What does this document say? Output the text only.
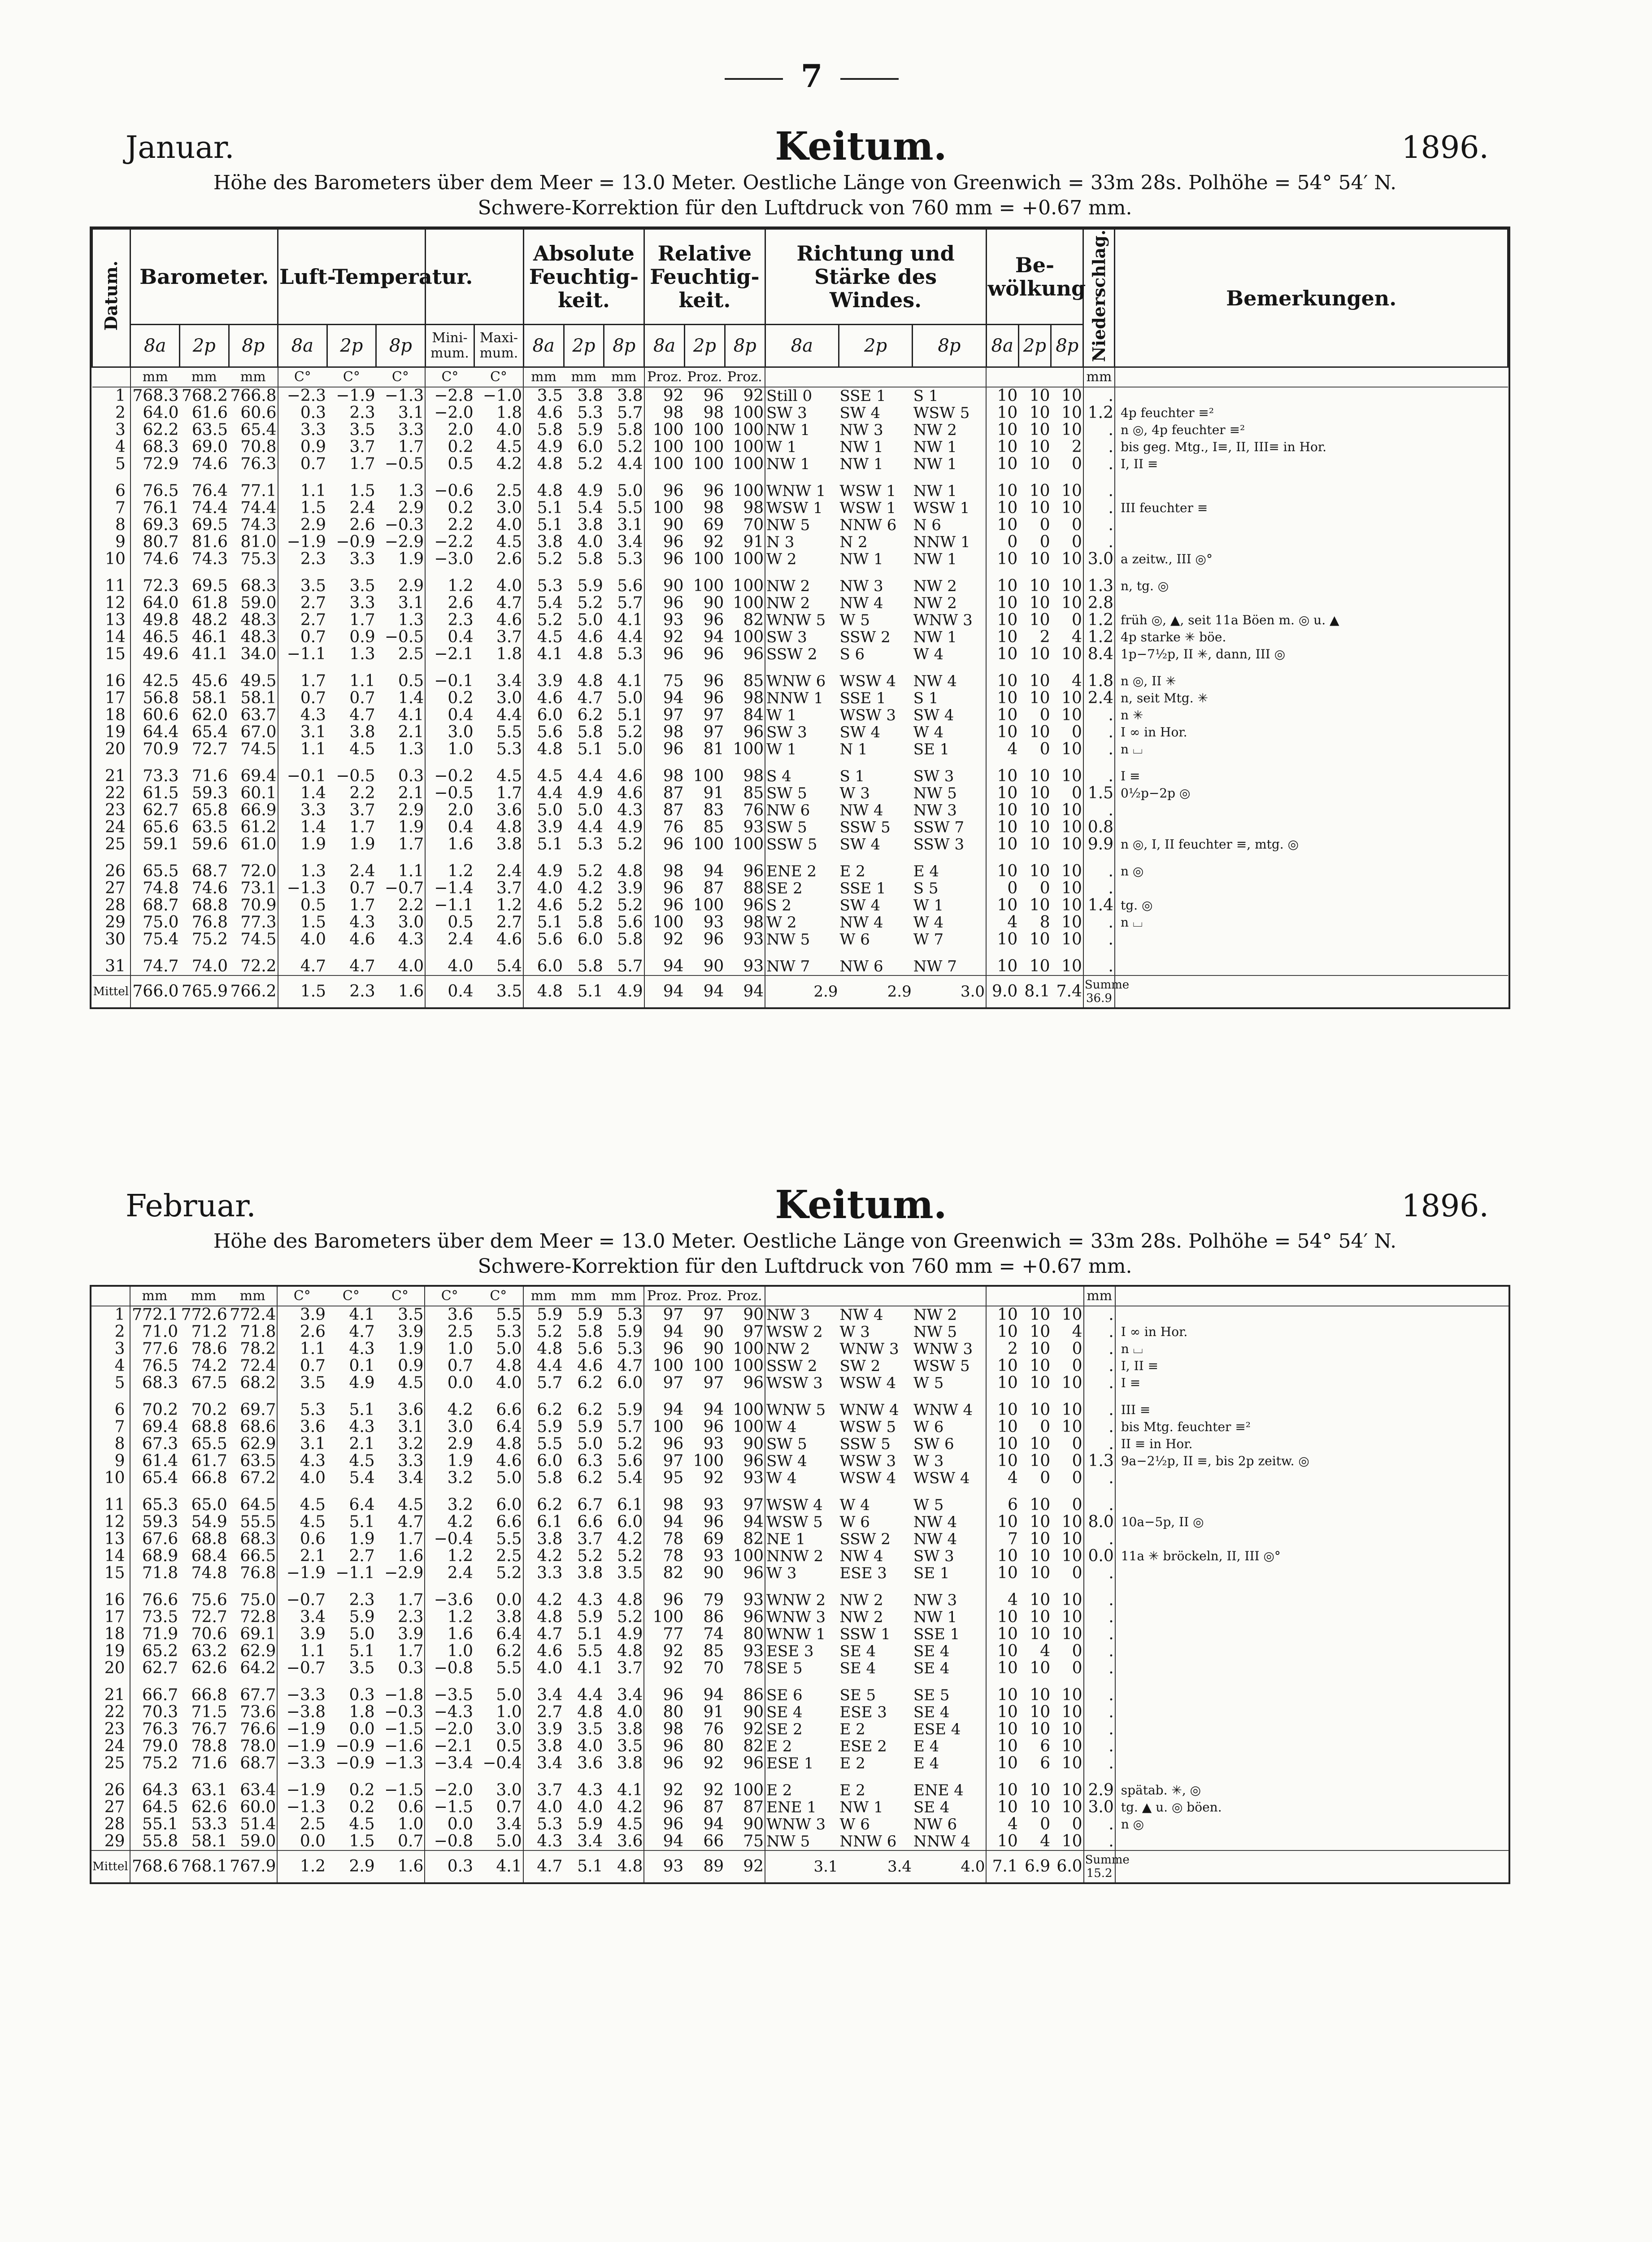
7
Januar.	Keitum.	1896.
Höhe des Barometers über dem Meer = 13.0 Meter. Oestliche Länge von Greenwich = 33m 28s. Polhöhe = 54° 54′ N.
Schwere-Korrektion für den Luftdruck von 760 mm = +0.67 mm.
Datum.	Barometer.			Luft-Temperatur.					Absolute Feuchtig- keit.			Relative Feuchtig- keit.			Richtung und Stärke des Windes.			Be- wölkung			Niederschlag.	Bemerkungen.
	8a	2p	8p	8a	2p	8p	Mini- mum.	Maxi- mum.	8a	2p	8p	8a	2p	8p	8a	2p	8p	8a	2p	8p		
	mm	mm	mm	C°	C°	C°	C°	C°	mm	mm	mm	Proz.	Proz.	Proz.							mm	
1	768.3	768.2	766.8	−2.3	−1.9	−1.3	−2.8	−1.0	3.5	3.8	3.8	92	96	92	Still 0	SSE 1	S 1	10	10	10	.	
2	64.0	61.6	60.6	0.3	2.3	3.1	−2.0	1.8	4.6	5.3	5.7	98	98	100	SW 3	SW 4	WSW 5	10	10	10	1.2	4p feuchter ≡²
3	62.2	63.5	65.4	3.3	3.5	3.3	2.0	4.0	5.8	5.9	5.8	100	100	100	NW 1	NW 3	NW 2	10	10	10	.	n ◎, 4p feuchter ≡²
4	68.3	69.0	70.8	0.9	3.7	1.7	0.2	4.5	4.9	6.0	5.2	100	100	100	W 1	NW 1	NW 1	10	10	2	.	bis geg. Mtg., I≡, II, III≡ in Hor.
5	72.9	74.6	76.3	0.7	1.7	−0.5	0.5	4.2	4.8	5.2	4.4	100	100	100	NW 1	NW 1	NW 1	10	10	0	.	I, II ≡
6	76.5	76.4	77.1	1.1	1.5	1.3	−0.6	2.5	4.8	4.9	5.0	96	96	100	WNW 1	WSW 1	NW 1	10	10	10	.	
7	76.1	74.4	74.4	1.5	2.4	2.9	0.2	3.0	5.1	5.4	5.5	100	98	98	WSW 1	WSW 1	WSW 1	10	10	10	.	III feuchter ≡
8	69.3	69.5	74.3	2.9	2.6	−0.3	2.2	4.0	5.1	3.8	3.1	90	69	70	NW 5	NNW 6	N 6	10	0	0	.	
9	80.7	81.6	81.0	−1.9	−0.9	−2.9	−2.2	4.5	3.8	4.0	3.4	96	92	91	N 3	N 2	NNW 1	0	0	0	.	
10	74.6	74.3	75.3	2.3	3.3	1.9	−3.0	2.6	5.2	5.8	5.3	96	100	100	W 2	NW 1	NW 1	10	10	10	3.0	a zeitw., III ◎°
11	72.3	69.5	68.3	3.5	3.5	2.9	1.2	4.0	5.3	5.9	5.6	90	100	100	NW 2	NW 3	NW 2	10	10	10	1.3	n, tg. ◎
12	64.0	61.8	59.0	2.7	3.3	3.1	2.6	4.7	5.4	5.2	5.7	96	90	100	NW 2	NW 4	NW 2	10	10	10	2.8	
13	49.8	48.2	48.3	2.7	1.7	1.3	2.3	4.6	5.2	5.0	4.1	93	96	82	WNW 5	W 5	WNW 3	10	10	0	1.2	früh ◎, ▲, seit 11a Böen m. ◎ u. ▲
14	46.5	46.1	48.3	0.7	0.9	−0.5	0.4	3.7	4.5	4.6	4.4	92	94	100	SW 3	SSW 2	NW 1	10	2	4	1.2	4p starke ✳ böe.
15	49.6	41.1	34.0	−1.1	1.3	2.5	−2.1	1.8	4.1	4.8	5.3	96	96	96	SSW 2	S 6	W 4	10	10	10	8.4	1p−7½p, II ✳, dann, III ◎
16	42.5	45.6	49.5	1.7	1.1	0.5	−0.1	3.4	3.9	4.8	4.1	75	96	85	WNW 6	WSW 4	NW 4	10	10	4	1.8	n ◎, II ✳
17	56.8	58.1	58.1	0.7	0.7	1.4	0.2	3.0	4.6	4.7	5.0	94	96	98	NNW 1	SSE 1	S 1	10	10	10	2.4	n, seit Mtg. ✳
18	60.6	62.0	63.7	4.3	4.7	4.1	0.4	4.4	6.0	6.2	5.1	97	97	84	W 1	WSW 3	SW 4	10	0	10	.	n ✳
19	64.4	65.4	67.0	3.1	3.8	2.1	3.0	5.5	5.6	5.8	5.2	98	97	96	SW 3	SW 4	W 4	10	10	0	.	I ∞ in Hor.
20	70.9	72.7	74.5	1.1	4.5	1.3	1.0	5.3	4.8	5.1	5.0	96	81	100	W 1	N 1	SE 1	4	0	10	.	n ⌴
21	73.3	71.6	69.4	−0.1	−0.5	0.3	−0.2	4.5	4.5	4.4	4.6	98	100	98	S 4	S 1	SW 3	10	10	10	.	I ≡
22	61.5	59.3	60.1	1.4	2.2	2.1	−0.5	1.7	4.4	4.9	4.6	87	91	85	SW 5	W 3	NW 5	10	10	0	1.5	0½p−2p ◎
23	62.7	65.8	66.9	3.3	3.7	2.9	2.0	3.6	5.0	5.0	4.3	87	83	76	NW 6	NW 4	NW 3	10	10	10	.	
24	65.6	63.5	61.2	1.4	1.7	1.9	0.4	4.8	3.9	4.4	4.9	76	85	93	SW 5	SSW 5	SSW 7	10	10	10	0.8	
25	59.1	59.6	61.0	1.9	1.9	1.7	1.6	3.8	5.1	5.3	5.2	96	100	100	SSW 5	SW 4	SSW 3	10	10	10	9.9	n ◎, I, II feuchter ≡, mtg. ◎
26	65.5	68.7	72.0	1.3	2.4	1.1	1.2	2.4	4.9	5.2	4.8	98	94	96	ENE 2	E 2	E 4	10	10	10	.	n ◎
27	74.8	74.6	73.1	−1.3	0.7	−0.7	−1.4	3.7	4.0	4.2	3.9	96	87	88	SE 2	SSE 1	S 5	0	0	10	.	
28	68.7	68.8	70.9	0.5	1.7	2.2	−1.1	1.2	4.6	5.2	5.2	96	100	96	S 2	SW 4	W 1	10	10	10	1.4	tg. ◎
29	75.0	76.8	77.3	1.5	4.3	3.0	0.5	2.7	5.1	5.8	5.6	100	93	98	W 2	NW 4	W 4	4	8	10	.	n ⌴
30	75.4	75.2	74.5	4.0	4.6	4.3	2.4	4.6	5.6	6.0	5.8	92	96	93	NW 5	W 6	W 7	10	10	10	.	
31	74.7	74.0	72.2	4.7	4.7	4.0	4.0	5.4	6.0	5.8	5.7	94	90	93	NW 7	NW 6	NW 7	10	10	10	.	
Mittel	766.0	765.9	766.2	1.5	2.3	1.6	0.4	3.5	4.8	5.1	4.9	94	94	94	2.9	2.9	3.0	9.0	8.1	7.4	Summe 36.9	
Februar.	Keitum.	1896.
Höhe des Barometers über dem Meer = 13.0 Meter. Oestliche Länge von Greenwich = 33m 28s. Polhöhe = 54° 54′ N.
Schwere-Korrektion für den Luftdruck von 760 mm = +0.67 mm.
	mm	mm	mm	C°	C°	C°	C°	C°	mm	mm	mm	Proz.	Proz.	Proz.							mm	
1	772.1	772.6	772.4	3.9	4.1	3.5	3.6	5.5	5.9	5.9	5.3	97	97	90	NW 3	NW 4	NW 2	10	10	10	.	
2	71.0	71.2	71.8	2.6	4.7	3.9	2.5	5.3	5.2	5.8	5.9	94	90	97	WSW 2	W 3	NW 5	10	10	4	.	I ∞ in Hor.
3	77.6	78.6	78.2	1.1	4.3	1.9	1.0	5.0	4.8	5.6	5.3	96	90	100	NW 2	WNW 3	WNW 3	2	10	0	.	n ⌴
4	76.5	74.2	72.4	0.7	0.1	0.9	0.7	4.8	4.4	4.6	4.7	100	100	100	SSW 2	SW 2	WSW 5	10	10	0	.	I, II ≡
5	68.3	67.5	68.2	3.5	4.9	4.5	0.0	4.0	5.7	6.2	6.0	97	97	96	WSW 3	WSW 4	W 5	10	10	10	.	I ≡
6	70.2	70.2	69.7	5.3	5.1	3.6	4.2	6.6	6.2	6.2	5.9	94	94	100	WNW 5	WNW 4	WNW 4	10	10	10	.	III ≡
7	69.4	68.8	68.6	3.6	4.3	3.1	3.0	6.4	5.9	5.9	5.7	100	96	100	W 4	WSW 5	W 6	10	0	10	.	bis Mtg. feuchter ≡²
8	67.3	65.5	62.9	3.1	2.1	3.2	2.9	4.8	5.5	5.0	5.2	96	93	90	SW 5	SSW 5	SW 6	10	10	0	.	II ≡ in Hor.
9	61.4	61.7	63.5	4.3	4.5	3.3	1.9	4.6	6.0	6.3	5.6	97	100	96	SW 4	WSW 3	W 3	10	10	0	1.3	9a−2½p, II ≡, bis 2p zeitw. ◎
10	65.4	66.8	67.2	4.0	5.4	3.4	3.2	5.0	5.8	6.2	5.4	95	92	93	W 4	WSW 4	WSW 4	4	0	0	.	
11	65.3	65.0	64.5	4.5	6.4	4.5	3.2	6.0	6.2	6.7	6.1	98	93	97	WSW 4	W 4	W 5	6	10	0	.	
12	59.3	54.9	55.5	4.5	5.1	4.7	4.2	6.6	6.1	6.6	6.0	94	96	94	WSW 5	W 6	NW 4	10	10	10	8.0	10a−5p, II ◎
13	67.6	68.8	68.3	0.6	1.9	1.7	−0.4	5.5	3.8	3.7	4.2	78	69	82	NE 1	SSW 2	NW 4	7	10	10	.	
14	68.9	68.4	66.5	2.1	2.7	1.6	1.2	2.5	4.2	5.2	5.2	78	93	100	NNW 2	NW 4	SW 3	10	10	10	0.0	11a ✳ bröckeln, II, III ◎°
15	71.8	74.8	76.8	−1.9	−1.1	−2.9	2.4	5.2	3.3	3.8	3.5	82	90	96	W 3	ESE 3	SE 1	10	10	0	.	
16	76.6	75.6	75.0	−0.7	2.3	1.7	−3.6	0.0	4.2	4.3	4.8	96	79	93	WNW 2	NW 2	NW 3	4	10	10	.	
17	73.5	72.7	72.8	3.4	5.9	2.3	1.2	3.8	4.8	5.9	5.2	100	86	96	WNW 3	NW 2	NW 1	10	10	10	.	
18	71.9	70.6	69.1	3.9	5.0	3.9	1.6	6.4	4.7	5.1	4.9	77	74	80	WNW 1	SSW 1	SSE 1	10	10	10	.	
19	65.2	63.2	62.9	1.1	5.1	1.7	1.0	6.2	4.6	5.5	4.8	92	85	93	ESE 3	SE 4	SE 4	10	4	0	.	
20	62.7	62.6	64.2	−0.7	3.5	0.3	−0.8	5.5	4.0	4.1	3.7	92	70	78	SE 5	SE 4	SE 4	10	10	0	.	
21	66.7	66.8	67.7	−3.3	0.3	−1.8	−3.5	5.0	3.4	4.4	3.4	96	94	86	SE 6	SE 5	SE 5	10	10	10	.	
22	70.3	71.5	73.6	−3.8	1.8	−0.3	−4.3	1.0	2.7	4.8	4.0	80	91	90	SE 4	ESE 3	SE 4	10	10	10	.	
23	76.3	76.7	76.6	−1.9	0.0	−1.5	−2.0	3.0	3.9	3.5	3.8	98	76	92	SE 2	E 2	ESE 4	10	10	10	.	
24	79.0	78.8	78.0	−1.9	−0.9	−1.6	−2.1	0.5	3.8	4.0	3.5	96	80	82	E 2	ESE 2	E 4	10	6	10	.	
25	75.2	71.6	68.7	−3.3	−0.9	−1.3	−3.4	−0.4	3.4	3.6	3.8	96	92	96	ESE 1	E 2	E 4	10	6	10	.	
26	64.3	63.1	63.4	−1.9	0.2	−1.5	−2.0	3.0	3.7	4.3	4.1	92	92	100	E 2	E 2	ENE 4	10	10	10	2.9	spätab. ✳, ◎
27	64.5	62.6	60.0	−1.3	0.2	0.6	−1.5	0.7	4.0	4.0	4.2	96	87	87	ENE 1	NW 1	SE 4	10	10	10	3.0	tg. ▲ u. ◎ böen.
28	55.1	53.3	51.4	2.5	4.5	1.0	0.0	3.4	5.3	5.9	4.5	96	94	90	WNW 3	W 6	NW 6	4	0	0	.	n ◎
29	55.8	58.1	59.0	0.0	1.5	0.7	−0.8	5.0	4.3	3.4	3.6	94	66	75	NW 5	NNW 6	NNW 4	10	4	10	.	
Mittel	768.6	768.1	767.9	1.2	2.9	1.6	0.3	4.1	4.7	5.1	4.8	93	89	92	3.1	3.4	4.0	7.1	6.9	6.0	Summe 15.2	
